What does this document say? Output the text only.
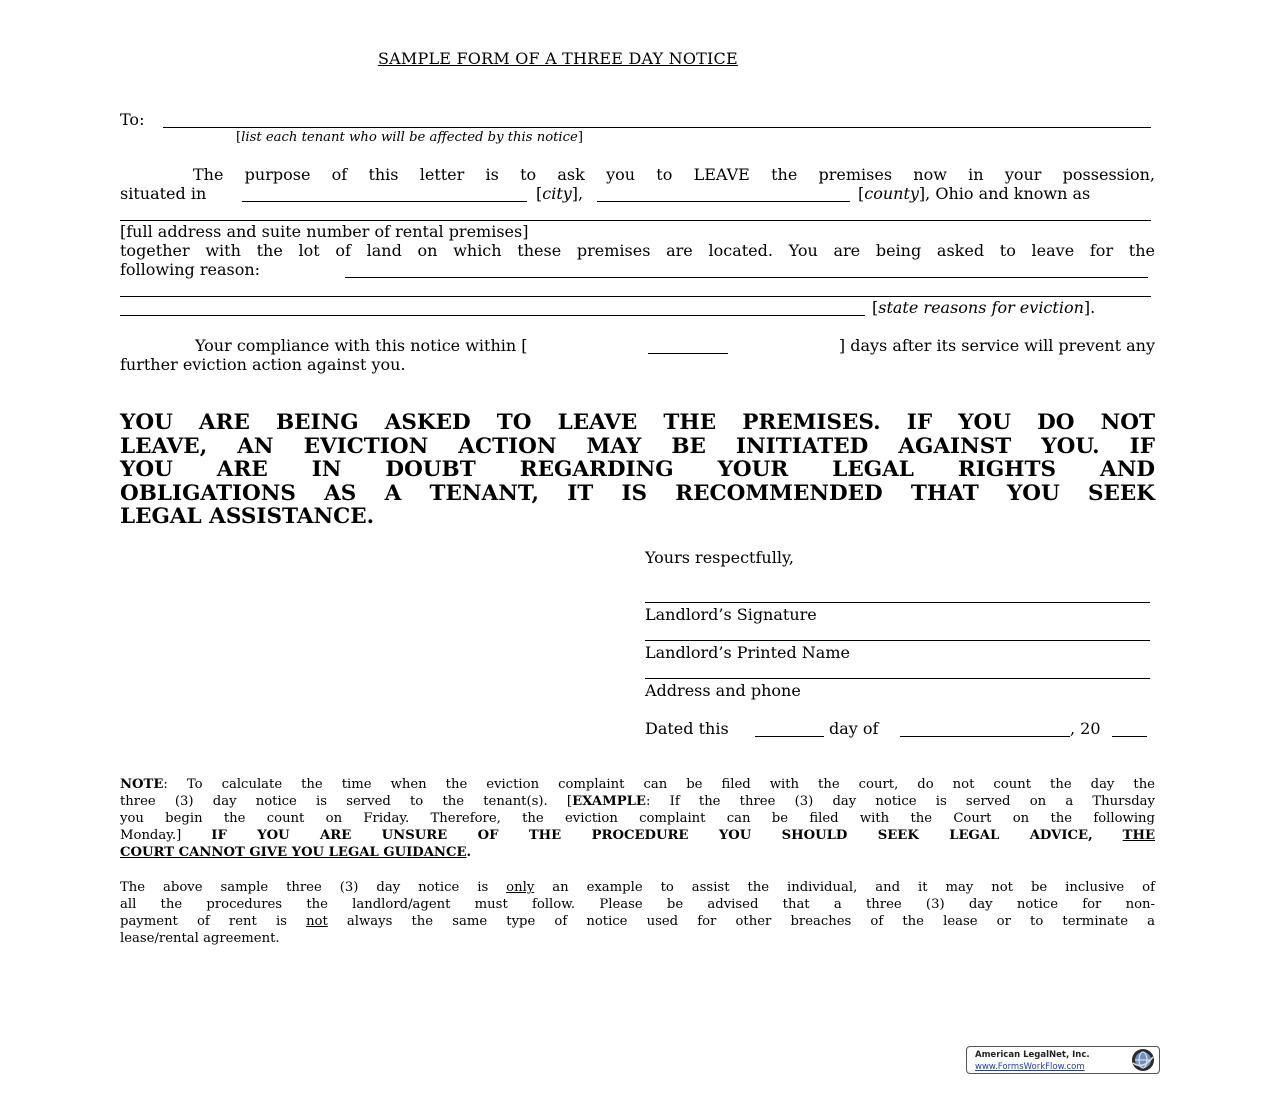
SAMPLE FORM OF A THREE DAY NOTICE
To:
[list each tenant who will be affected by this notice]
The purpose of this letter is to ask you to LEAVE the premises now in your possession,
situated in	[city],	[county], Ohio and known as
[full address and suite number of rental premises]
together with the lot of land on which these premises are located. You are being asked to leave for the
following reason:
[state reasons for eviction].
Your compliance with this notice within [	] days after its service will prevent any
further eviction action against you.
YOU ARE BEING ASKED TO LEAVE THE PREMISES. IF YOU DO NOT
LEAVE, AN EVICTION ACTION MAY BE INITIATED AGAINST YOU. IF
YOU ARE IN DOUBT REGARDING YOUR LEGAL RIGHTS AND
OBLIGATIONS AS A TENANT, IT IS RECOMMENDED THAT YOU SEEK
LEGAL ASSISTANCE.
Yours respectfully,
Landlord’s Signature
Landlord’s Printed Name
Address and phone
Dated this	day of	, 20
NOTE: To calculate the time when the eviction complaint can be filed with the court, do not count the day the
three (3) day notice is served to the tenant(s). [EXAMPLE: If the three (3) day notice is served on a Thursday
you begin the count on Friday. Therefore, the eviction complaint can be filed with the Court on the following
Monday.] IF YOU ARE UNSURE OF THE PROCEDURE YOU SHOULD SEEK LEGAL ADVICE, THE
COURT CANNOT GIVE YOU LEGAL GUIDANCE.
The above sample three (3) day notice is only an example to assist the individual, and it may not be inclusive of
all the procedures the landlord/agent must follow. Please be advised that a three (3) day notice for non-
payment of rent is not always the same type of notice used for other breaches of the lease or to terminate a
lease/rental agreement.
American LegalNet, Inc.
www.FormsWorkFlow.com
